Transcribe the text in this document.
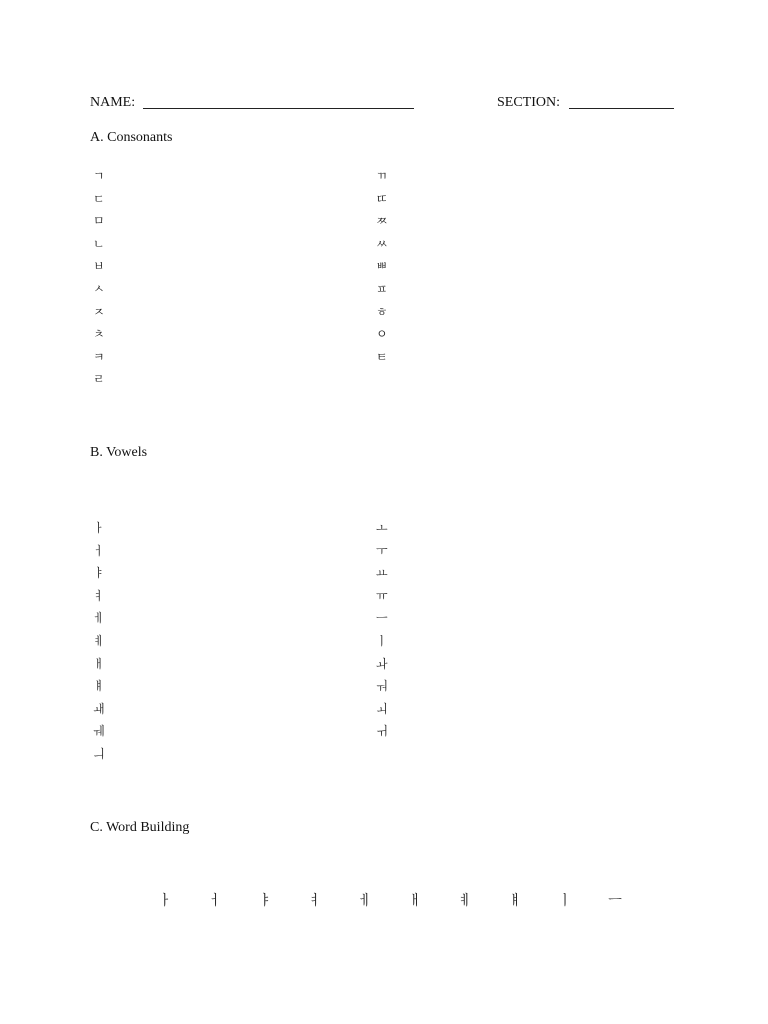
NAME:	SECTION:
A. Consonants
ㄱ
ㄷ
ㅁ
ㄴ
ㅂ
ㅅ
ㅈ
ㅊ
ㅋ
ㄹ
ㄲ
ㄸ
ㅉ
ㅆ
ㅃ
ㅍ
ㅎ
ㅇ
ㅌ
B. Vowels
ㅏ
ㅓ
ㅑ
ㅕ
ㅔ
ㅖ
ㅐ
ㅒ
ㅙ
ㅞ
ㅢ
ㅗ
ㅜ
ㅛ
ㅠ
ㅡ
ㅣ
ㅘ
ㅝ
ㅚ
ㅟ
C. Word Building
ㅏ	ㅓ	ㅑ	ㅕ	ㅔ	ㅐ	ㅖ	ㅒ	ㅣ	ㅡ
